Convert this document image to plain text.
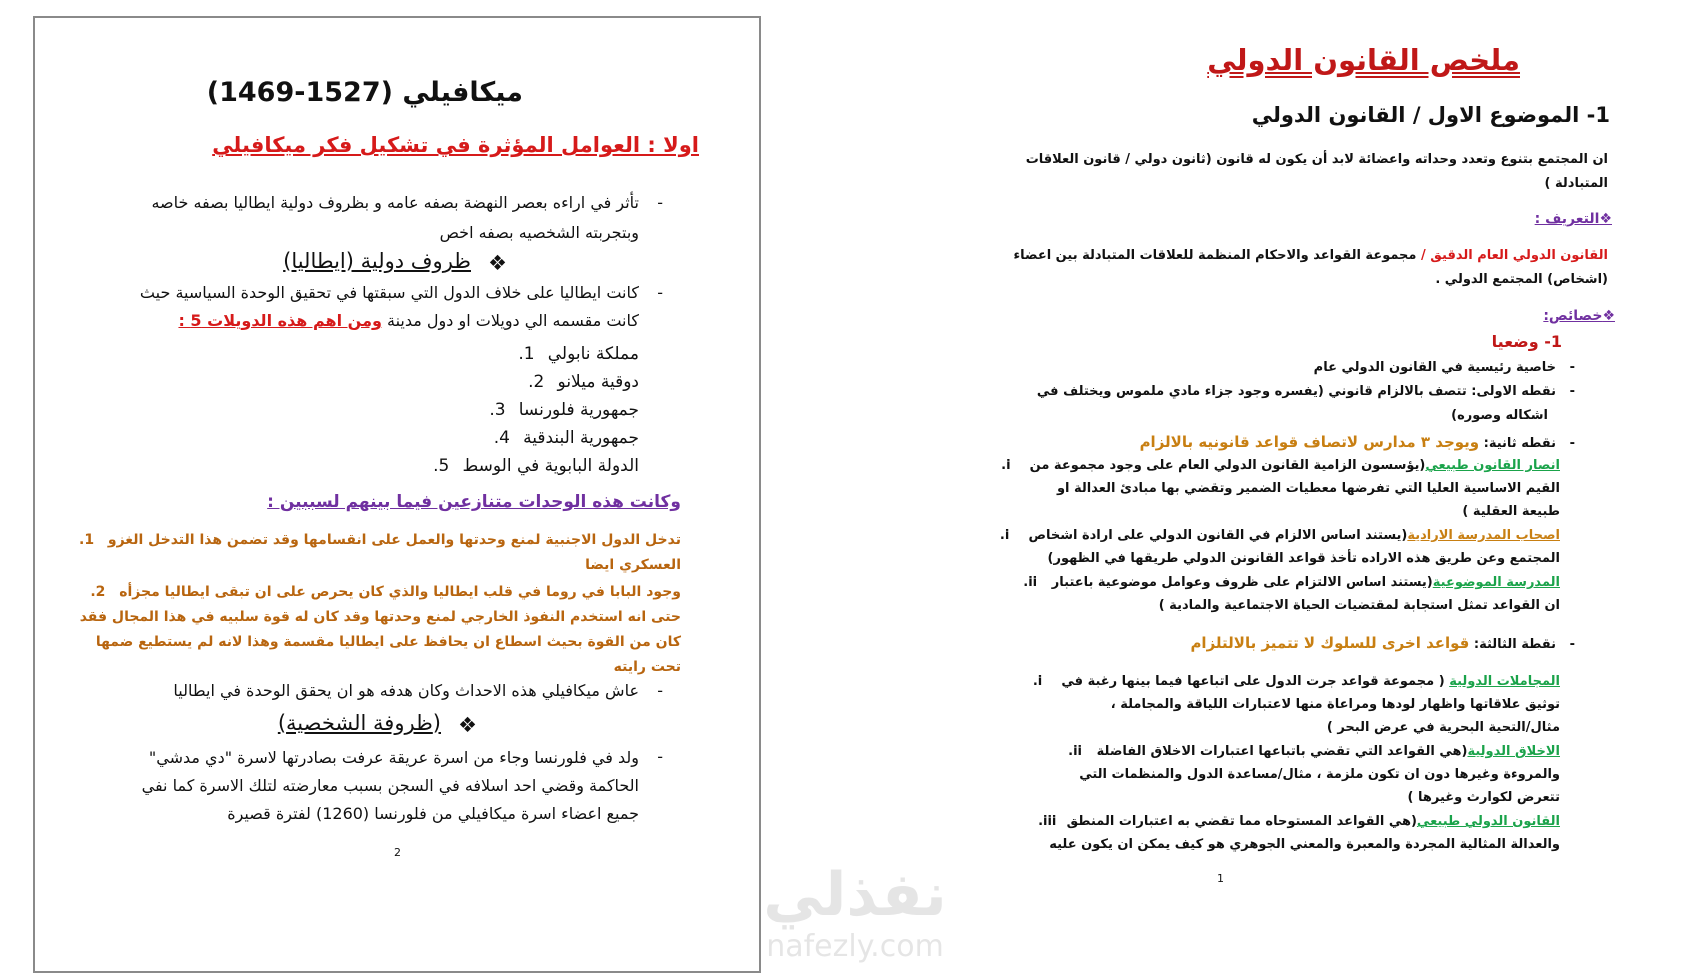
ميكافيلي (1527-1469)
اولا : العوامل المؤثرة في تشكيل فكر ميكافيلي
-
تأثر في اراءه بعصر النهضة بصفه عامه و بظروف دولية ايطاليا بصفه خاصه
وبتجربته الشخصيه بصفه اخص
❖
ظروف دولية (ايطاليا)
-
كانت ايطاليا على خلاف الدول التي سبقتها في تحقيق الوحدة السياسية حيث
كانت مقسمه الي دويلات او دول مدينة ومن اهم هذه الدويلات 5 :
مملكة نابولي 1.
دوقية ميلانو 2.
جمهورية فلورنسا 3.
جمهورية البندقية 4.
الدولة البابوية في الوسط 5.
وكانت هذه الوحدات متنازعين فيما بينهم لسببين :
تدخل الدول الاجنبية لمنع وحدتها والعمل على انقسامها وقد تضمن هذا التدخل الغزو 1.
العسكري ايضا
وجود البابا في روما في قلب ايطاليا والذي كان يحرص على ان تبقى ايطاليا مجزأه 2.
حتى انه استخدم النفوذ الخارجي لمنع وحدتها وقد كان له قوة سلبيه في هذا المجال فقد
كان من القوة بحيث اسطاع ان يحافظ على ايطاليا مقسمة وهذا لانه لم يستطيع ضمها
تحت رايته
-
عاش ميكافيلي هذه الاحداث وكان هدفه هو ان يحقق الوحدة في ايطاليا
❖
(ظروفة الشخصية)
-
ولد في فلورنسا وجاء من اسرة عريقة عرفت بصادرتها لاسرة "دي مدشي"
الحاكمة وقضي احد اسلافه في السجن بسبب معارضته لتلك الاسرة كما نفي
جميع اعضاء اسرة ميكافيلي من فلورنسا (1260) لفترة قصيرة
2
ملخص القانون الدولي
1- الموضوع الاول / القانون الدولي
ان المجتمع بتنوع وتعدد وحداته واعضائة لابد أن يكون له قانون (ثانون دولي / قانون العلاقات
المتبادلة )
❖التعريف :
القانون الدولي العام الدقيق / مجموعة القواعد والاحكام المنظمة للعلاقات المتبادلة بين اعضاء
(اشخاص) المجتمع الدولي .
❖خصائص:
1- وضعيا
-   خاصية رئيسية في القانون الدولي عام
-   نقطه الاولى: تتصف بالالزام قانوني (يفسره وجود جزاء مادي ملموس ويختلف في
اشكاله وصوره)
-   نقطه ثانية: ويوجد ٣ مدارس لاتصاف قواعد قانونيه بالالزام
انصار القانون طبيعي(يؤسسون الزامية القانون الدولي العام على وجود مجموعة من i.
القيم الاساسية العليا التي تفرضها معطيات الضمير وتقضي بها مبادئ العدالة او
طبيعة العقلية )
اصحاب المدرسة الارادية(يستند اساس الالزام في القانون الدولي على ارادة اشخاص i.
المجتمع وعن طريق هذه الاراده تأخذ قواعد القانونن الدولي طريقها في الظهور)
المدرسة الموضوعية(يستند اساس الالتزام على ظروف وعوامل موضوعية باعتبار ii.
ان القواعد تمثل استجابة لمقتضيات الحياة الاجتماعية والمادية )
-   نقطة الثالثة: قواعد اخرى للسلوك لا تتميز بالالتلزام
المجاملات الدولية ( مجموعة قواعد جرت الدول على اتباعها فيما بينها رغبة في i.
توثيق علاقاتها واظهار لودها ومراعاة منها لاعتبارات اللياقة والمجاملة ،
مثال/التحية البحرية في عرض البحر )
الاخلاق الدولية(هي القواعد التي تقضي باتباعها اعتبارات الاخلاق الفاضلة ii.
والمروءة وغيرها دون ان تكون ملزمة ، مثال/مساعدة الدول والمنظمات التي
تتعرض لكوارث وغيرها )
القانون الدولي طبيعي(هي القواعد المستوحاه مما تقضي به اعتبارات المنطق iii.
والعدالة المثالية المجردة والمعبرة والمعني الجوهري هو كيف يمكن ان يكون عليه
1
نفذلي
nafezly.com
